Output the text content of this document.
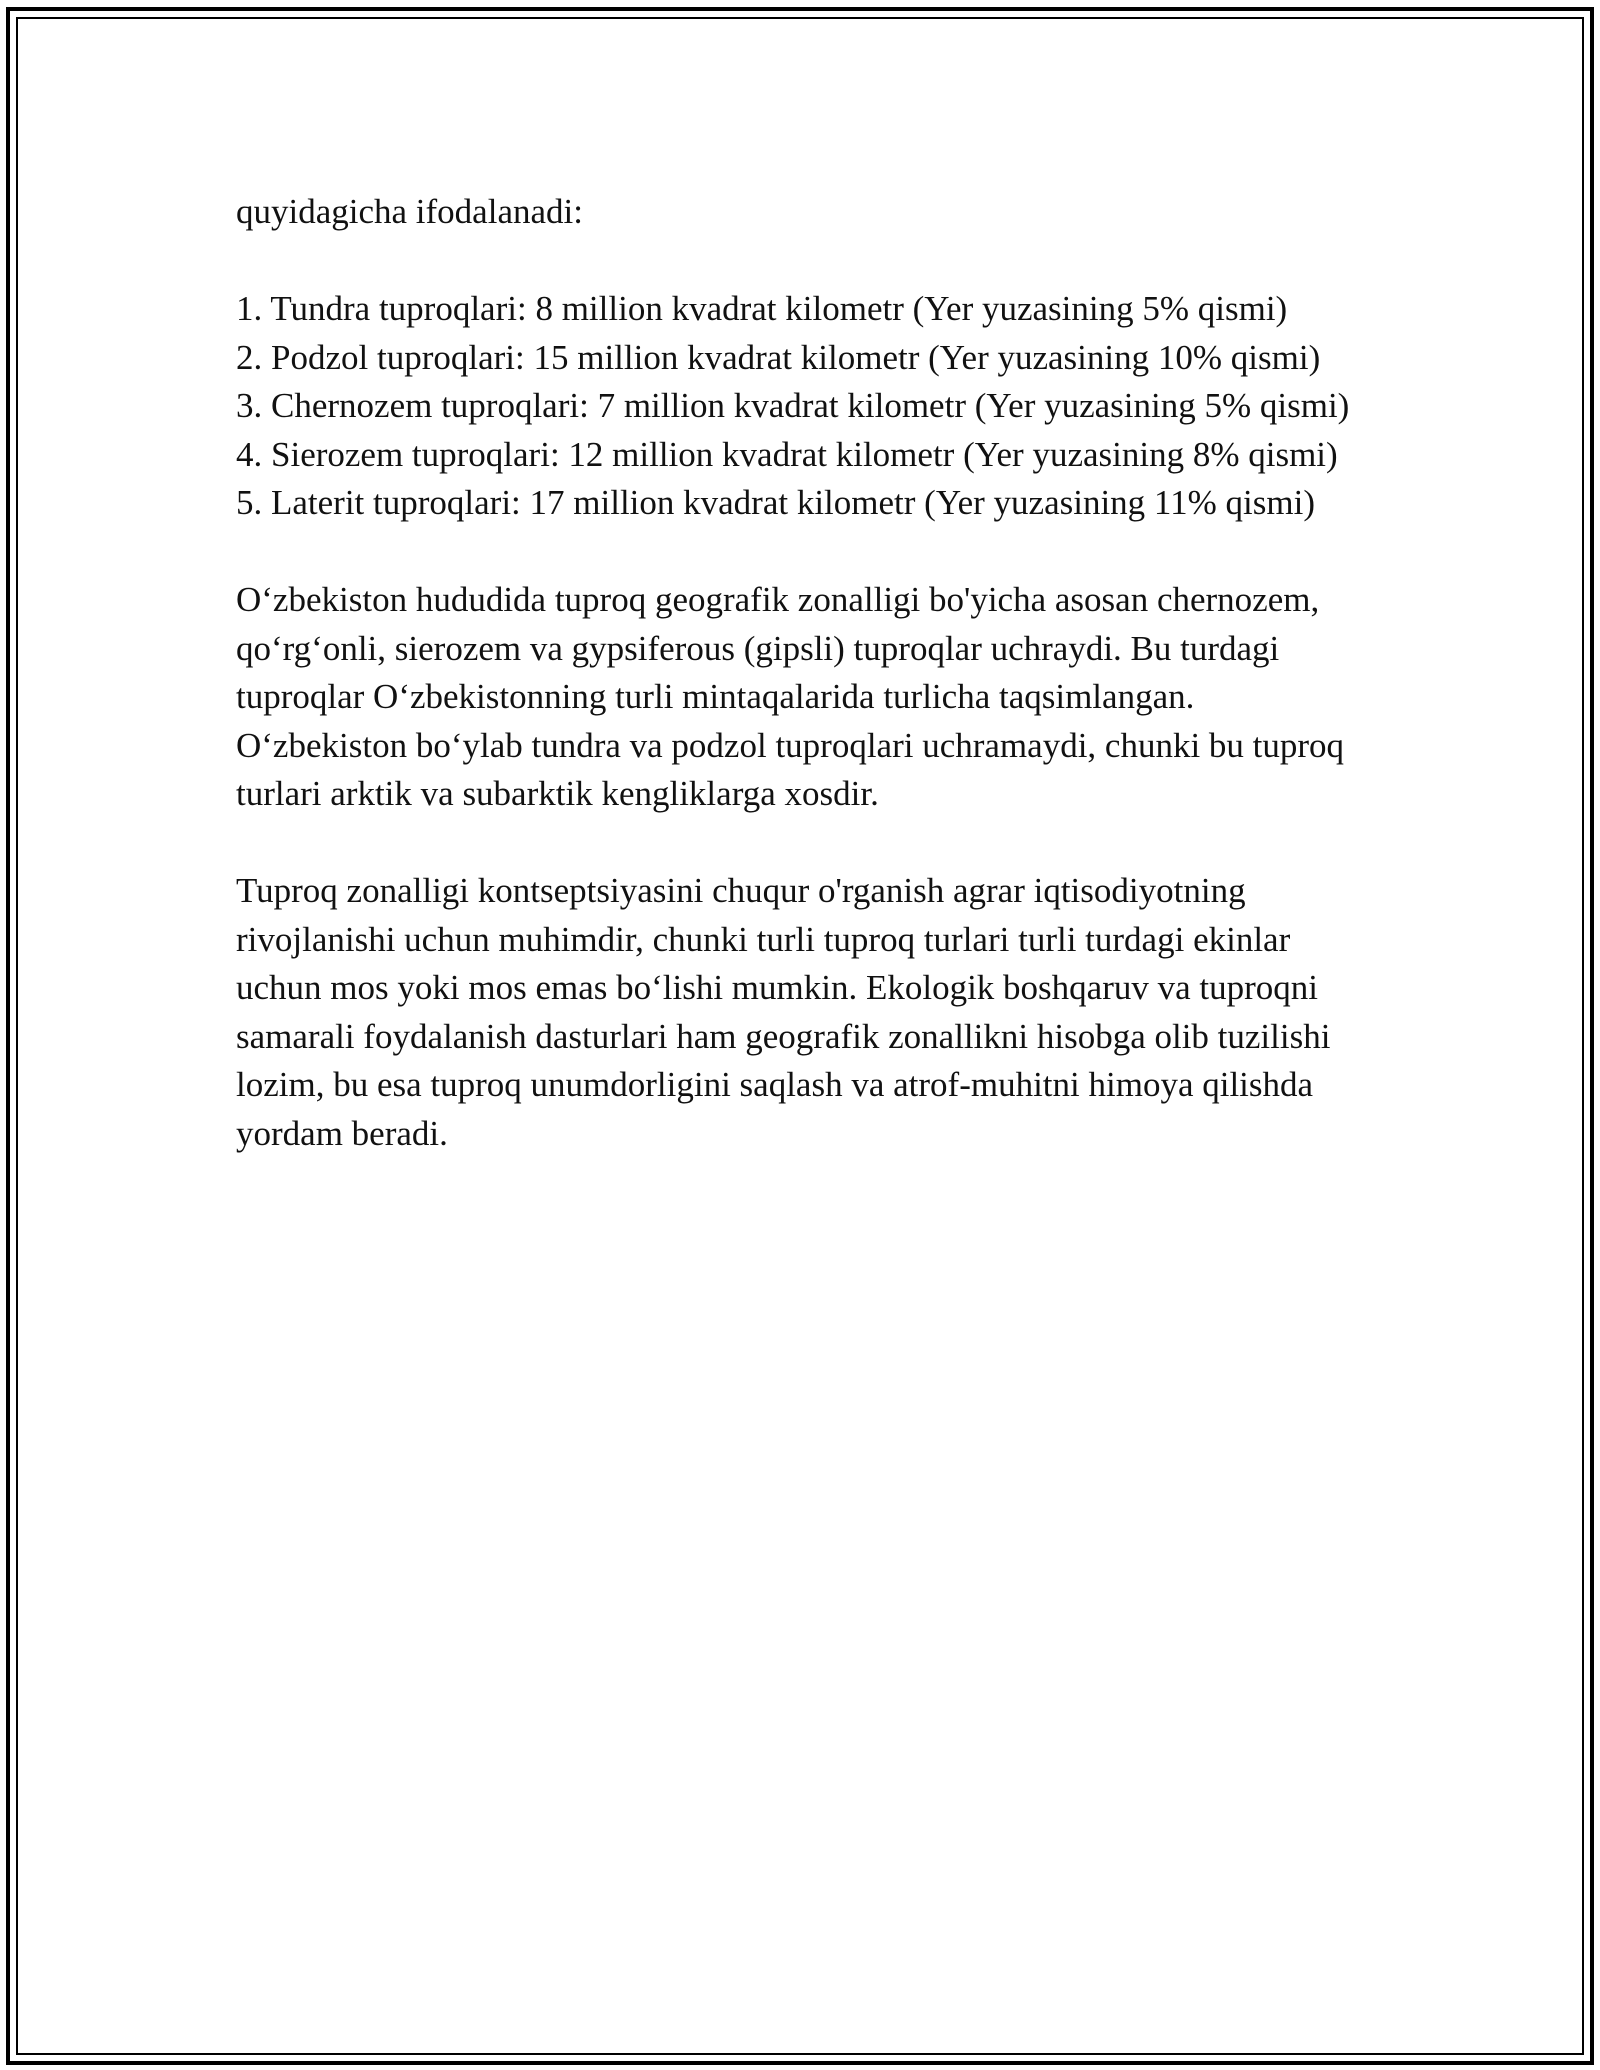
quyidagicha ifodalanadi:

1. Tundra tuproqlari: 8 million kvadrat kilometr (Yer yuzasining 5% qismi)
2. Podzol tuproqlari: 15 million kvadrat kilometr (Yer yuzasining 10% qismi)
3. Chernozem tuproqlari: 7 million kvadrat kilometr (Yer yuzasining 5% qismi)
4. Sierozem tuproqlari: 12 million kvadrat kilometr (Yer yuzasining 8% qismi)
5. Laterit tuproqlari: 17 million kvadrat kilometr (Yer yuzasining 11% qismi)

O‘zbekiston hududida tuproq geografik zonalligi bo'yicha asosan chernozem, qo‘rg‘onli, sierozem va gypsiferous (gipsli) tuproqlar uchraydi. Bu turdagi tuproqlar O‘zbekistonning turli mintaqalarida turlicha taqsimlangan. O‘zbekiston bo‘ylab tundra va podzol tuproqlari uchramaydi, chunki bu tuproq turlari arktik va subarktik kengliklarga xosdir.

Tuproq zonalligi kontseptsiyasini chuqur o'rganish agrar iqtisodiyotning rivojlanishi uchun muhimdir, chunki turli tuproq turlari turli turdagi ekinlar uchun mos yoki mos emas bo‘lishi mumkin. Ekologik boshqaruv va tuproqni samarali foydalanish dasturlari ham geografik zonallikni hisobga olib tuzilishi lozim, bu esa tuproq unumdorligini saqlash va atrof-muhitni himoya qilishda yordam beradi.
